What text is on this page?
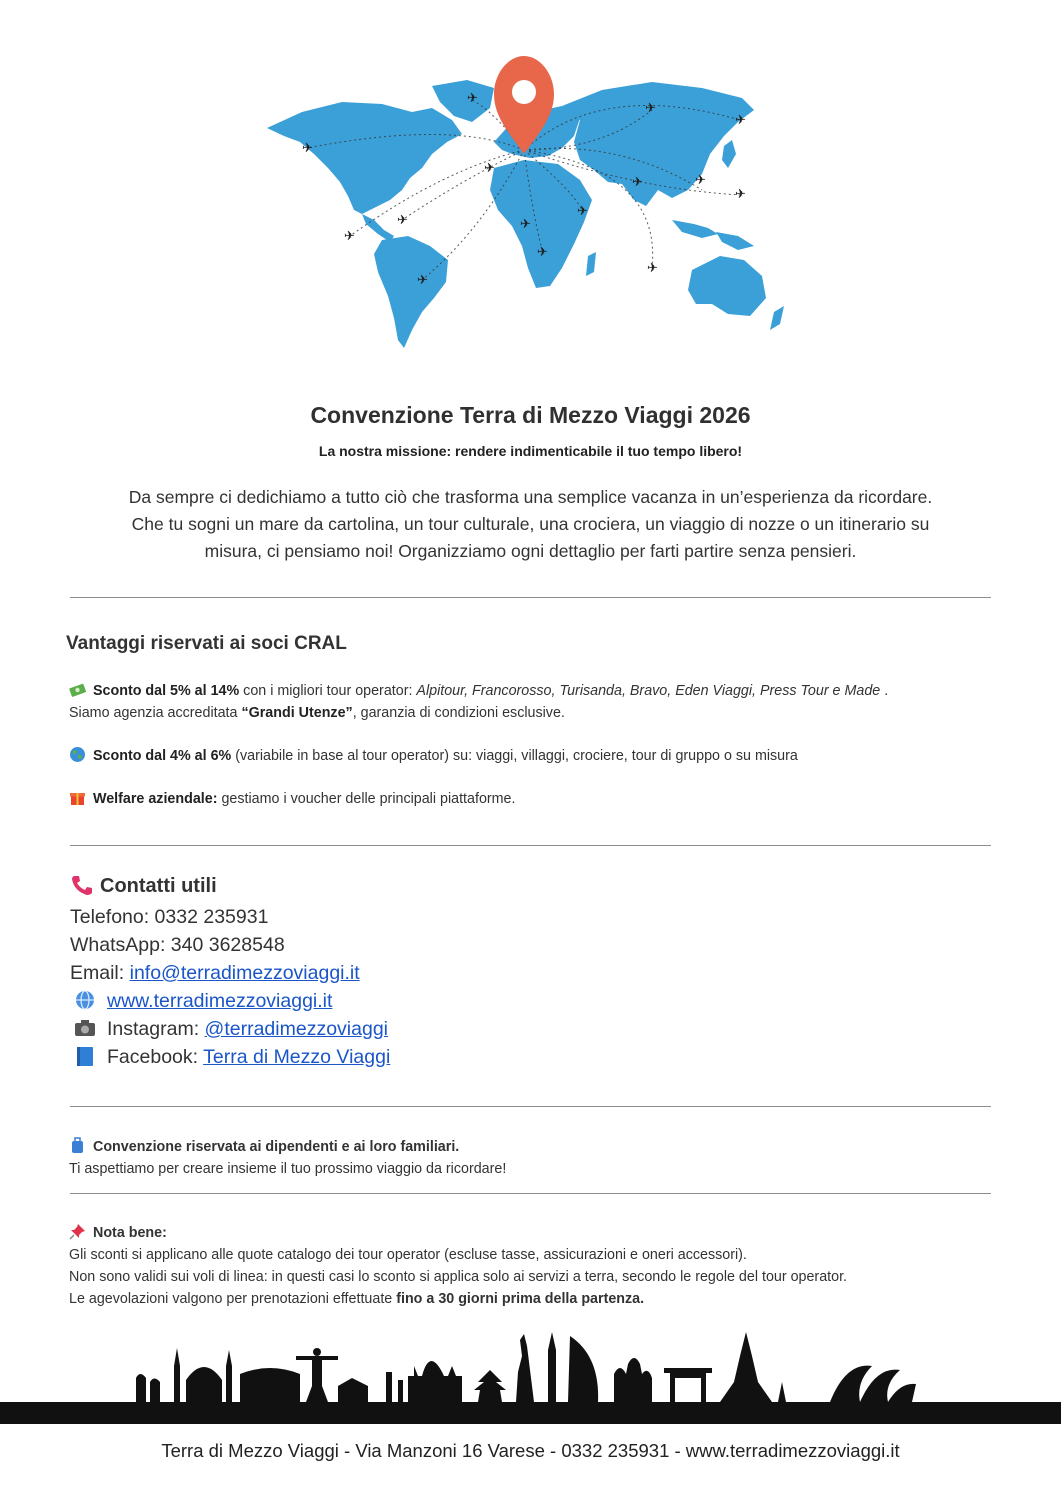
✈
✈
✈
✈
✈
✈
✈
✈
✈
✈
✈
✈
✈
✈
✈
Convenzione Terra di Mezzo Viaggi 2026
La nostra missione: rendere indimenticabile il tuo tempo libero!

Da sempre ci dedichiamo a tutto ciò che trasforma una semplice vacanza in un’esperienza da ricordare.

Che tu sogni un mare da cartolina, un tour culturale, una crociera, un viaggio di nozze o un itinerario su

misura, ci pensiamo noi! Organizziamo ogni dettaglio per farti partire senza pensieri.

Vantaggi riservati ai soci CRAL
Sconto dal 5% al 14% con i migliori tour operator: Alpitour, Francorosso, Turisanda, Bravo, Eden Viaggi, Press Tour e Made .
Siamo agenzia accreditata “Grandi Utenze”, garanzia di condizioni esclusive.
Sconto dal 4% al 6% (variabile in base al tour operator) su: viaggi, villaggi, crociere, tour di gruppo o su misura
Welfare aziendale: gestiamo i voucher delle principali piattaforme.
Contatti utili
Telefono: 0332 235931
WhatsApp: 340 3628548
Email: info@terradimezzoviaggi.it
www.terradimezzoviaggi.it
Instagram: @terradimezzoviaggi
Facebook: Terra di Mezzo Viaggi
Convenzione riservata ai dipendenti e ai loro familiari.
Ti aspettiamo per creare insieme il tuo prossimo viaggio da ricordare!
Nota bene:
Gli sconti si applicano alle quote catalogo dei tour operator (escluse tasse, assicurazioni e oneri accessori).
Non sono validi sui voli di linea: in questi casi lo sconto si applica solo ai servizi a terra, secondo le regole del tour operator.
Le agevolazioni valgono per prenotazioni effettuate fino a 30 giorni prima della partenza.
Terra di Mezzo Viaggi - Via Manzoni 16 Varese - 0332 235931 - www.terradimezzoviaggi.it
